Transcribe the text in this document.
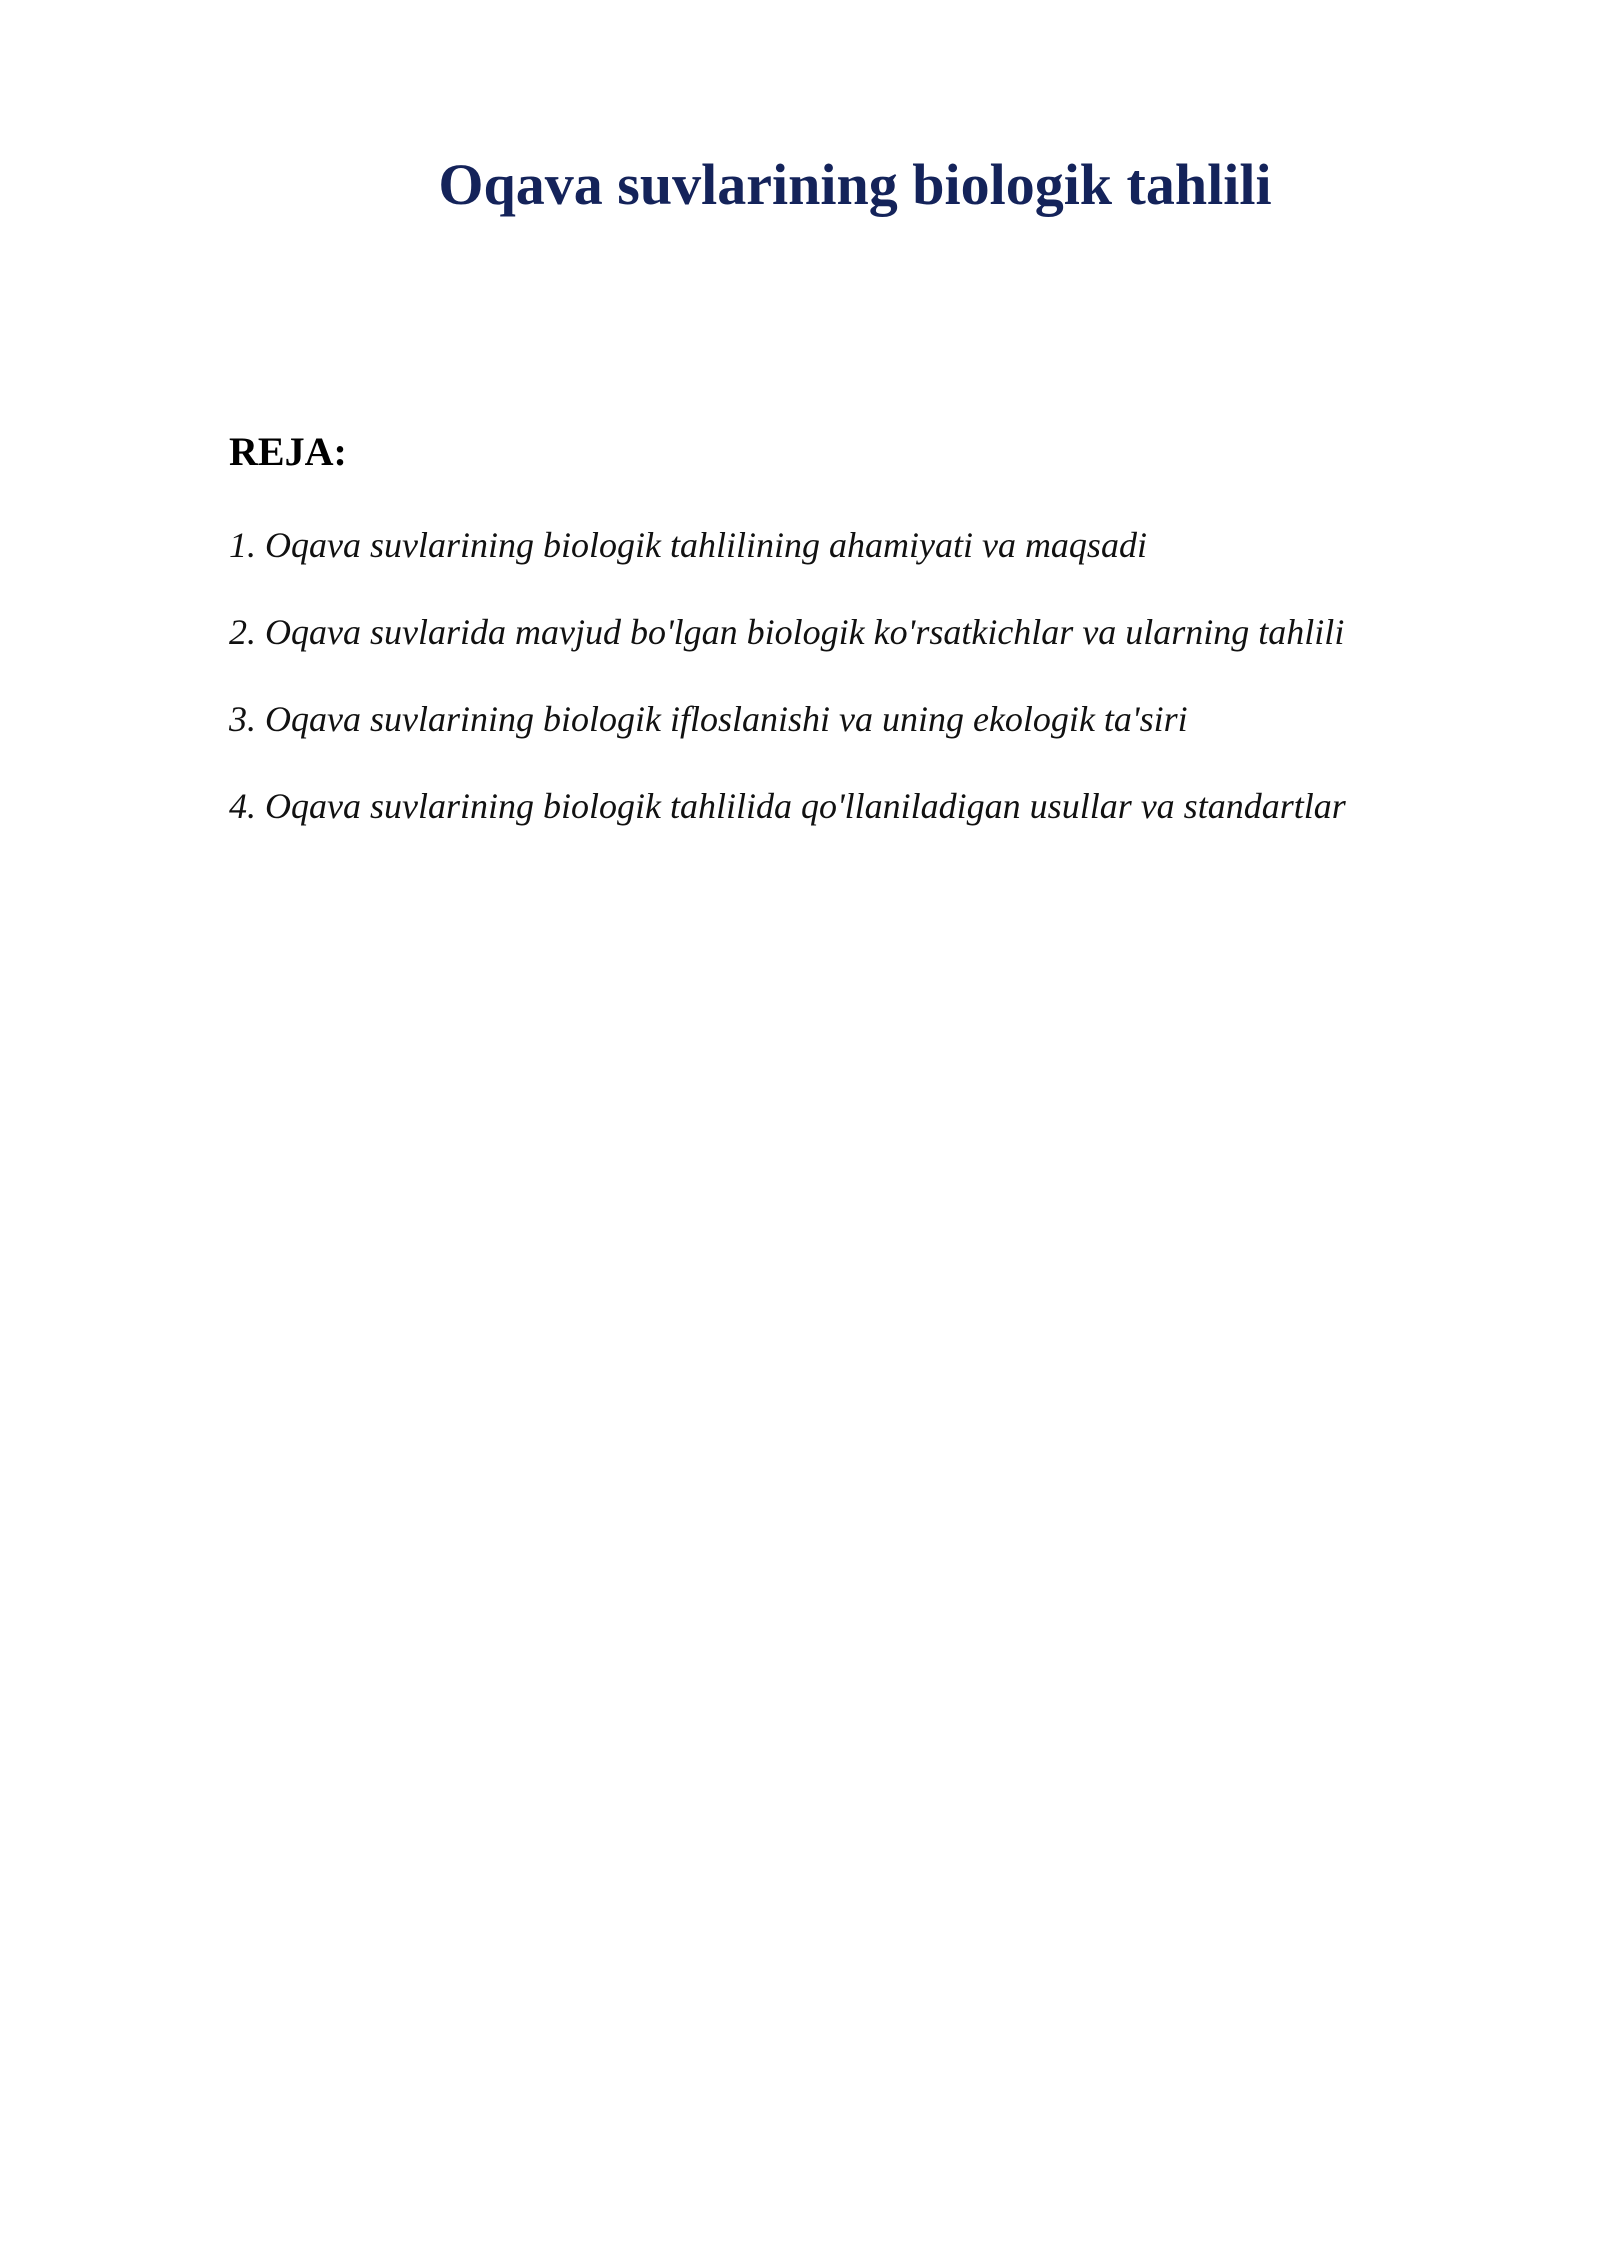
Oqava suvlarining biologik tahlili
REJA:
1. Oqava suvlarining biologik tahlilining ahamiyati va maqsadi
2. Oqava suvlarida mavjud bo'lgan biologik ko'rsatkichlar va ularning tahlili
3. Oqava suvlarining biologik ifloslanishi va uning ekologik ta'siri
4. Oqava suvlarining biologik tahlilida qo'llaniladigan usullar va standartlar
